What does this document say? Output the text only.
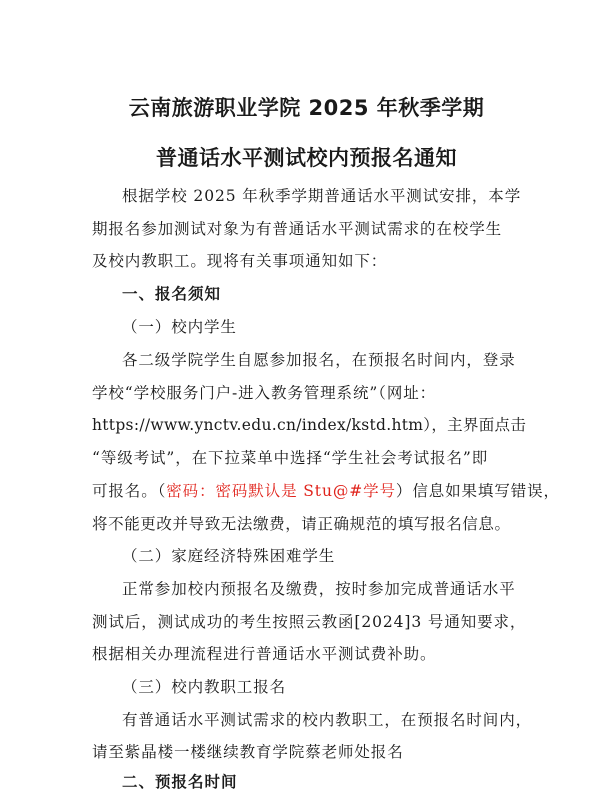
云南旅游职业学院 2025 年秋季学期
普通话水平测试校内预报名通知
根据学校 2025 年秋季学期普通话水平测试安排，本学
期报名参加测试对象为有普通话水平测试需求的在校学生
及校内教职工。现将有关事项通知如下：
一、报名须知
（一）校内学生
各二级学院学生自愿参加报名，在预报名时间内，登录
学校“学校服务门户-进入教务管理系统”（网址：
https://www.ynctv.edu.cn/index/kstd.htm），主界面点击
“等级考试”，在下拉菜单中选择“学生社会考试报名”即
可报名。（密码：密码默认是 Stu@#学号）信息如果填写错误，
将不能更改并导致无法缴费，请正确规范的填写报名信息。
（二）家庭经济特殊困难学生
正常参加校内预报名及缴费，按时参加完成普通话水平
测试后，测试成功的考生按照云教函[2024]3 号通知要求，
根据相关办理流程进行普通话水平测试费补助。
（三）校内教职工报名
有普通话水平测试需求的校内教职工，在预报名时间内，
请至紫晶楼一楼继续教育学院蔡老师处报名
二、预报名时间
